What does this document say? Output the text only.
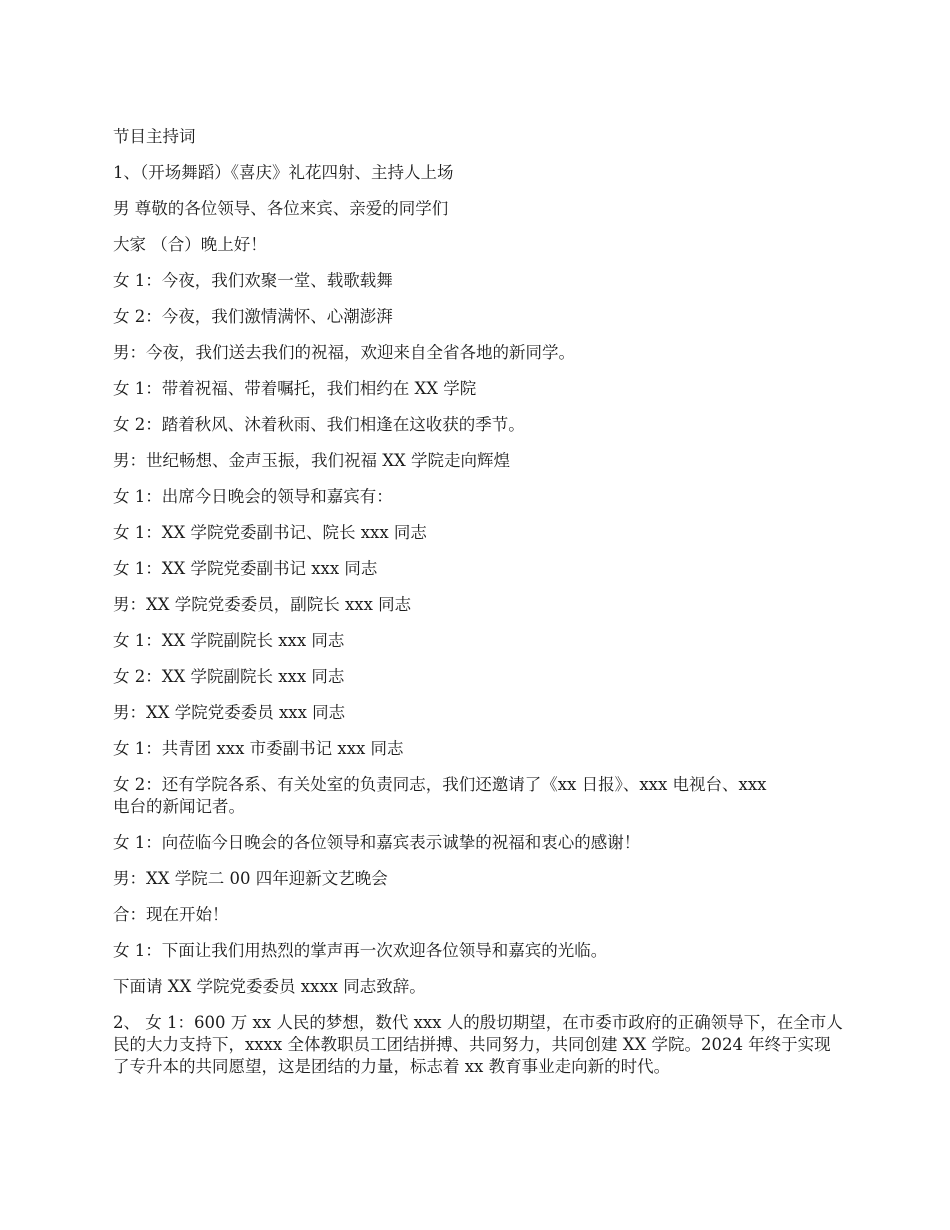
节目主持词

1、（开场舞蹈）《喜庆》礼花四射、主持人上场

男 尊敬的各位领导、各位来宾、亲爱的同学们

大家 （合）晚上好！

女 1：今夜，我们欢聚一堂、载歌载舞

女 2：今夜，我们激情满怀、心潮澎湃

男：今夜，我们送去我们的祝福，欢迎来自全省各地的新同学。

女 1：带着祝福、带着嘱托，我们相约在 XX 学院

女 2：踏着秋风、沐着秋雨、我们相逢在这收获的季节。

男：世纪畅想、金声玉振，我们祝福 XX 学院走向辉煌

女 1：出席今日晚会的领导和嘉宾有：

女 1：XX 学院党委副书记、院长 xxx 同志

女 1：XX 学院党委副书记 xxx 同志

男：XX 学院党委委员，副院长 xxx 同志

女 1：XX 学院副院长 xxx 同志

女 2：XX 学院副院长 xxx 同志

男：XX 学院党委委员 xxx 同志

女 1：共青团 xxx 市委副书记 xxx 同志

女 2：还有学院各系、有关处室的负责同志，我们还邀请了《xx 日报》、xxx 电视台、xxx 电台的新闻记者。

女 1：向莅临今日晚会的各位领导和嘉宾表示诚挚的祝福和衷心的感谢！

男：XX 学院二 00 四年迎新文艺晚会

合：现在开始！

女 1：下面让我们用热烈的掌声再一次欢迎各位领导和嘉宾的光临。

下面请 XX 学院党委委员 xxxx 同志致辞。

2、 女 1：600 万 xx 人民的梦想，数代 xxx 人的殷切期望，在市委市政府的正确领导下，在全市人民的大力支持下，xxxx 全体教职员工团结拼搏、共同努力，共同创建 XX 学院。2024 年终于实现了专升本的共同愿望，这是团结的力量，标志着 xx 教育事业走向新的时代。
